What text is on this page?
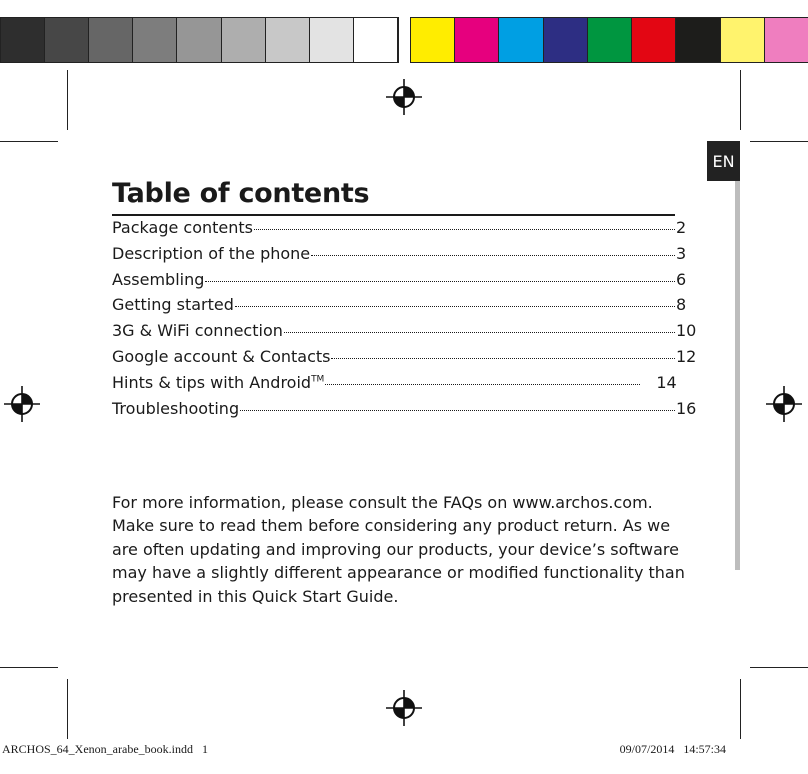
EN
Table of contents
Package contents	2
Description of the phone	3
Assembling	6
Getting started	8
3G & WiFi connection	10
Google account & Contacts	12
Hints & tips with Android™	14
Troubleshooting	16

For more information, please consult the FAQs on www.archos.com.
Make sure to read them before considering any product return. As we
are often updating and improving our products, your device’s software
may have a slightly different appearance or modified functionality than
presented in this Quick Start Guide.

ARCHOS_64_Xenon_arabe_book.indd   1	09/07/2014   14:57:34
